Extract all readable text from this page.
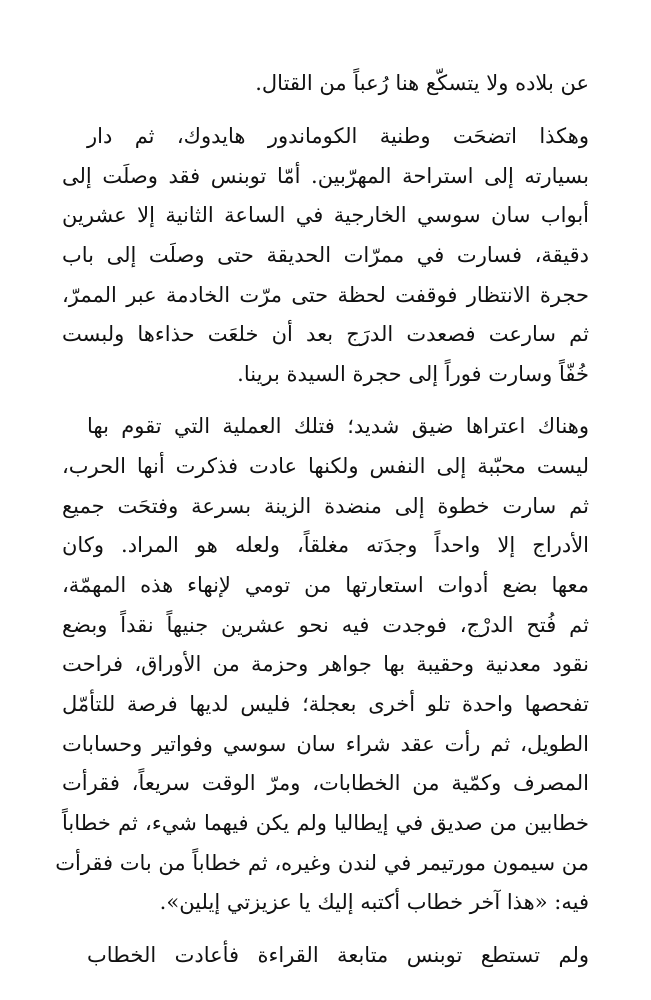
عن بلاده ولا يتسكّع هنا رُعباً من القتال.
وهكذا اتضحَت وطنية الكوماندور هايدوك، ثم دار
بسيارته إلى استراحة المهرّبين. أمّا توبنس فقد وصلَت إلى
أبواب سان سوسي الخارجية في الساعة الثانية إلا عشرين
دقيقة، فسارت في ممرّات الحديقة حتى وصلَت إلى باب
حجرة الانتظار فوقفت لحظة حتى مرّت الخادمة عبر الممرّ،
ثم سارعت فصعدت الدرَج بعد أن خلعَت حذاءها ولبست
خُفّاً وسارت فوراً إلى حجرة السيدة برينا.
وهناك اعتراها ضيق شديد؛ فتلك العملية التي تقوم بها
ليست محبّبة إلى النفس ولكنها عادت فذكرت أنها الحرب،
ثم سارت خطوة إلى منضدة الزينة بسرعة وفتحَت جميع
الأدراج إلا واحداً وجدَته مغلقاً، ولعله هو المراد. وكان
معها بضع أدوات استعارتها من تومي لإنهاء هذه المهمّة،
ثم فُتح الدرْج، فوجدت فيه نحو عشرين جنيهاً نقداً وبضع
نقود معدنية وحقيبة بها جواهر وحزمة من الأوراق، فراحت
تفحصها واحدة تلو أخرى بعجلة؛ فليس لديها فرصة للتأمّل
الطويل، ثم رأت عقد شراء سان سوسي وفواتير وحسابات
المصرف وكمّية من الخطابات، ومرّ الوقت سريعاً، فقرأت
خطابين من صديق في إيطاليا ولم يكن فيهما شيء، ثم خطاباً
من سيمون مورتيمر في لندن وغيره، ثم خطاباً من بات فقرأت
فيه: «هذا آخر خطاب أكتبه إليك يا عزيزتي إيلين».
ولم تستطع توبنس متابعة القراءة فأعادت الخطاب
